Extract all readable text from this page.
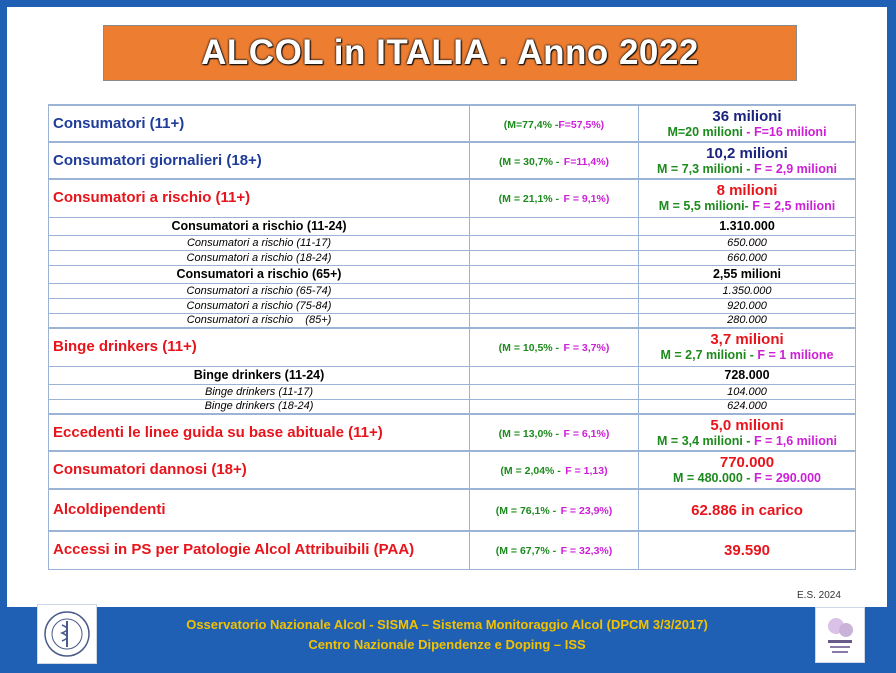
ALCOL in ITALIA . Anno 2022
Consumatori (11+)	(M=77,4% -F=57,5%)	36 milioni
M=20 milioni - F=16 milioni

Consumatori giornalieri (18+)	(M = 30,7% - F=11,4%)	10,2 milioni
M = 7,3 milioni - F = 2,9 milioni

Consumatori a rischio (11+)	(M = 21,1% - F = 9,1%)	8 milioni
M = 5,5 milioni- F = 2,5 milioni

Consumatori a rischio (11-24)		1.310.000
Consumatori a rischio (11-17)		650.000
Consumatori a rischio (18-24)		660.000
Consumatori a rischio (65+)		2,55 milioni
Consumatori a rischio (65-74)		1.350.000
Consumatori a rischio (75-84)		920.000
Consumatori a rischio    (85+)		280.000
Binge drinkers (11+)	(M = 10,5% - F = 3,7%)	3,7 milioni
M = 2,7 milioni - F = 1 milione

Binge drinkers (11-24)		728.000
Binge drinkers (11-17)		104.000
Binge drinkers (18-24)		624.000
Eccedenti le linee guida su base abituale (11+)	(M = 13,0% - F = 6,1%)	5,0 milioni
M = 3,4 milioni - F = 1,6 milioni

Consumatori dannosi (18+)	(M = 2,04% - F = 1,13)	770.000
M = 480.000 - F = 290.000

Alcoldipendenti	(M = 76,1% - F = 23,9%)	62.886 in carico

Accessi in PS per Patologie Alcol Attribuibili (PAA)	(M = 67,7% - F = 32,3%)	39.590
E.S. 2024
Osservatorio Nazionale Alcol - SISMA – Sistema Monitoraggio Alcol (DPCM 3/3/2017)
Centro Nazionale Dipendenze e Doping – ISS
